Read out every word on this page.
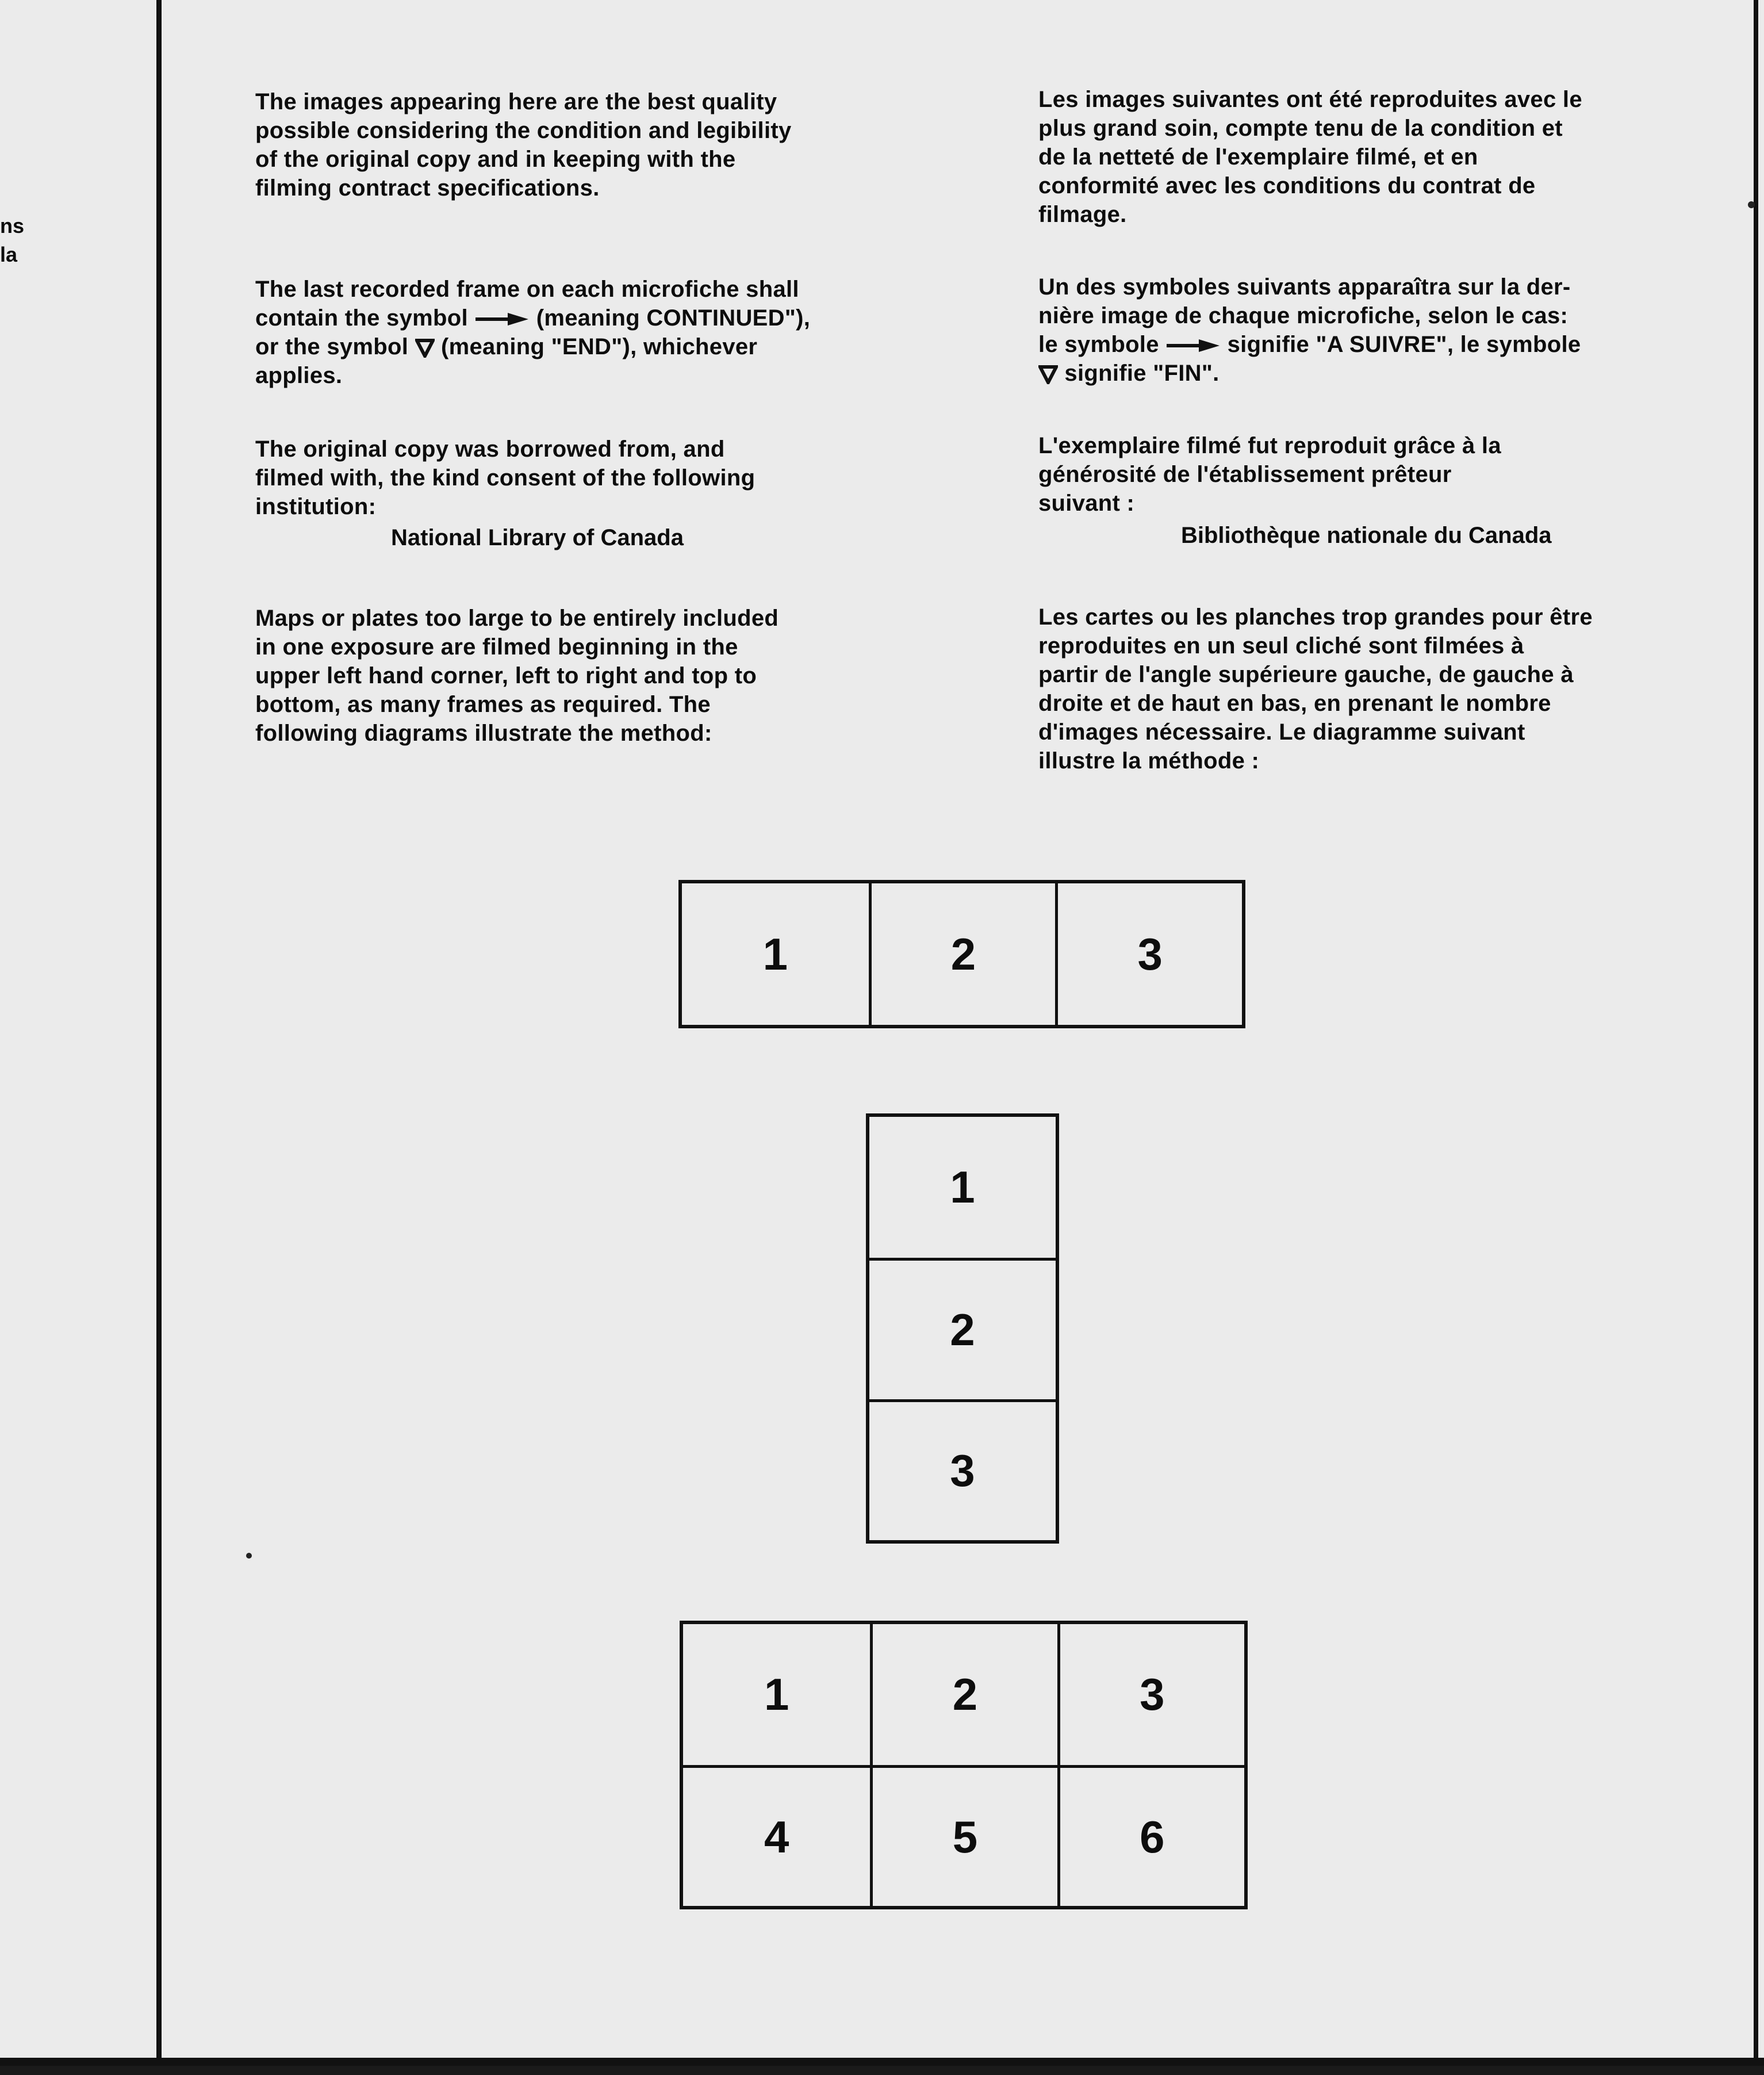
ns
la
The images appearing here are the best quality
possible considering the condition and legibility
of the original copy and in keeping with the
filming contract specifications.
The last recorded frame on each microfiche shall
contain the symbol	(meaning CONTINUED"),
or the symbol (meaning "END"), whichever
applies.
The original copy was borrowed from, and
filmed with, the kind consent of the following
institution:
National Library of Canada
Maps or plates too large to be entirely included
in one exposure are filmed beginning in the
upper left hand corner, left to right and top to
bottom, as many frames as required. The
following diagrams illustrate the method:
Les images suivantes ont été reproduites avec le
plus grand soin, compte tenu de la condition et
de la netteté de l'exemplaire filmé, et en
conformité avec les conditions du contrat de
filmage.
Un des symboles suivants apparaîtra sur la der-
nière image de chaque microfiche, selon le cas:
le symbole	signifie "A SUIVRE", le symbole
signifie "FIN".
L'exemplaire filmé fut reproduit grâce à la
générosité de l'établissement prêteur
suivant :
Bibliothèque nationale du Canada
Les cartes ou les planches trop grandes pour être
reproduites en un seul cliché sont filmées à
partir de l'angle supérieure gauche, de gauche à
droite et de haut en bas, en prenant le nombre
d'images nécessaire. Le diagramme suivant
illustre la méthode :
1	2	3
1
2
3
1	2	3
4	5	6
